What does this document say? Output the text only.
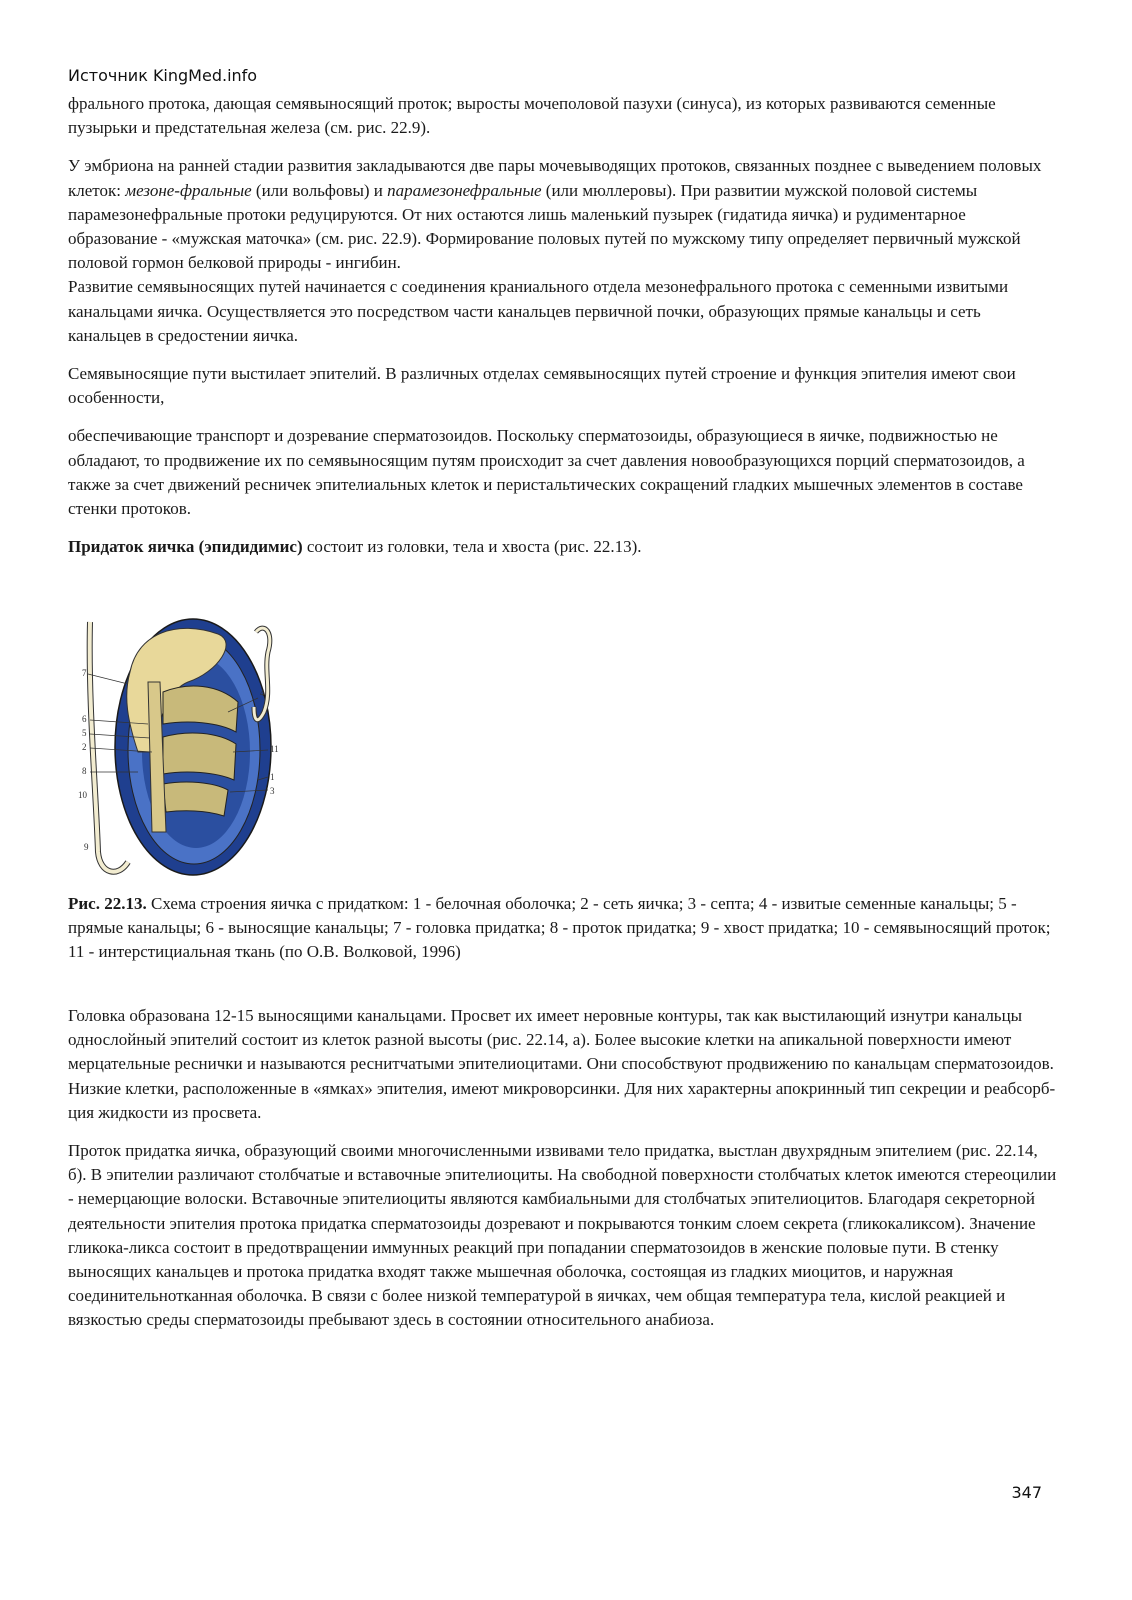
Источник KingMed.info

фрального протока, дающая семявыносящий проток; выросты мочеполовой пазухи (синуса), из которых развиваются семенные пузырьки и предстательная железа (см. рис. 22.9).

У эмбриона на ранней стадии развития закладываются две пары мочевыводящих протоков, связанных позднее с выведением половых клеток: мезоне-фральные (или вольфовы) и парамезонефральные (или мюллеровы). При развитии мужской половой системы парамезонефральные протоки редуцируются. От них остаются лишь маленький пузырек (гидатида яичка) и рудиментарное образование - «мужская маточка» (см. рис. 22.9). Формирование половых путей по мужскому типу определяет первичный мужской половой гормон белковой природы - ингибин.

Развитие семявыносящих путей начинается с соединения краниального отдела мезонефрального протока с семенными извитыми канальцами яичка. Осуществляется это посредством части канальцев первичной почки, образующих прямые канальцы и сеть канальцев в средостении яичка.

Семявыносящие пути выстилает эпителий. В различных отделах семявыносящих путей строение и функция эпителия имеют свои особенности,

обеспечивающие транспорт и дозревание сперматозоидов. Поскольку сперматозоиды, образующиеся в яичке, подвижностью не обладают, то продвижение их по семявыносящим путям происходит за счет давления новообразующихся порций сперматозоидов, а также за счет движений ресничек эпителиальных клеток и перистальтических сокращений гладких мышечных элементов в составе стенки протоков.

Придаток яичка (эпидидимис) состоит из головки, тела и хвоста (рис. 22.13).

7
6
5
2
8
10
9
4
11
1
3
Рис. 22.13. Схема строения яичка с придатком: 1 - белочная оболочка; 2 - сеть яичка; 3 - септа; 4 - извитые семенные канальцы; 5 - прямые канальцы; 6 - выносящие канальцы; 7 - головка придатка; 8 - проток придатка; 9 - хвост придатка; 10 - семявыносящий проток; 11 - интерстициальная ткань (по О.В. Волковой, 1996)

Головка образована 12-15 выносящими канальцами. Просвет их имеет неровные контуры, так как выстилающий изнутри канальцы однослойный эпителий состоит из клеток разной высоты (рис. 22.14, а). Более высокие клетки на апикальной поверхности имеют мерцательные реснички и называются реснитчатыми эпителиоцитами. Они способствуют продвижению по канальцам сперматозоидов. Низкие клетки, расположенные в «ямках» эпителия, имеют микроворсинки. Для них характерны апокринный тип секреции и реабсорб-ция жидкости из просвета.

Проток придатка яичка, образующий своими многочисленными извивами тело придатка, выстлан двухрядным эпителием (рис. 22.14, б). В эпителии различают столбчатые и вставочные эпителиоциты. На свободной поверхности столбчатых клеток имеются стереоцилии - немерцающие волоски. Вставочные эпителиоциты являются камбиальными для столбчатых эпителиоцитов. Благодаря секреторной деятельности эпителия протока придатка сперматозоиды дозревают и покрываются тонким слоем секрета (гликокаликсом). Значение гликока-ликса состоит в предотвращении иммунных реакций при попадании сперматозоидов в женские половые пути. В стенку выносящих канальцев и протока придатка входят также мышечная оболочка, состоящая из гладких миоцитов, и наружная соединительнотканная оболочка. В связи с более низкой температурой в яичках, чем общая температура тела, кислой реакцией и вязкостью среды сперматозоиды пребывают здесь в состоянии относительного анабиоза.

347
